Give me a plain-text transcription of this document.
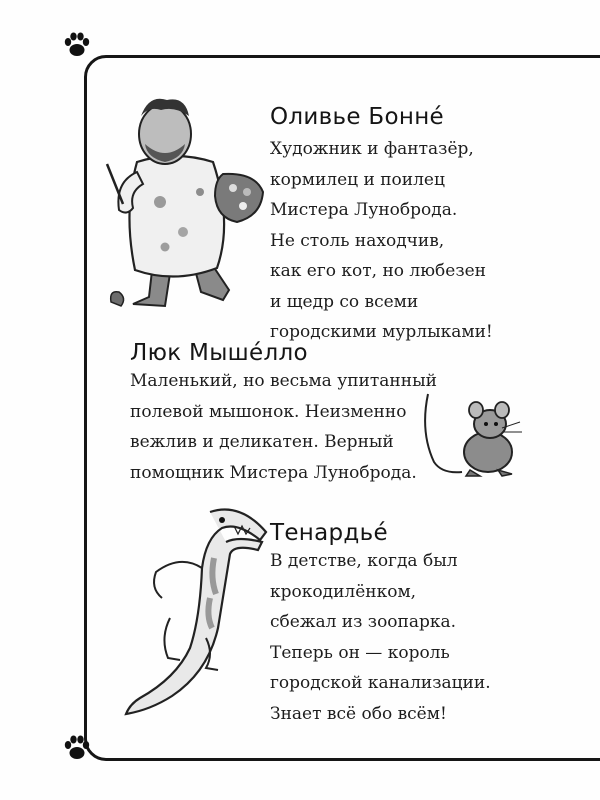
Оливье Бонне́
Художник и фантазёр,
кормилец и поилец
Мистера Луноброда.
Не столь находчив,
как его кот, но любезен
и щедр со всеми
городскими мурлыками!
Люк Мыше́лло
Маленький, но весьма упитанный
полевой мышонок. Неизменно
вежлив и деликатен. Верный
помощник Мистера Луноброда.
Тенардье́
В детстве, когда был
крокодилёнком,
сбежал из зоопарка.
Теперь он — король
городской канализации.
Знает всё обо всём!
